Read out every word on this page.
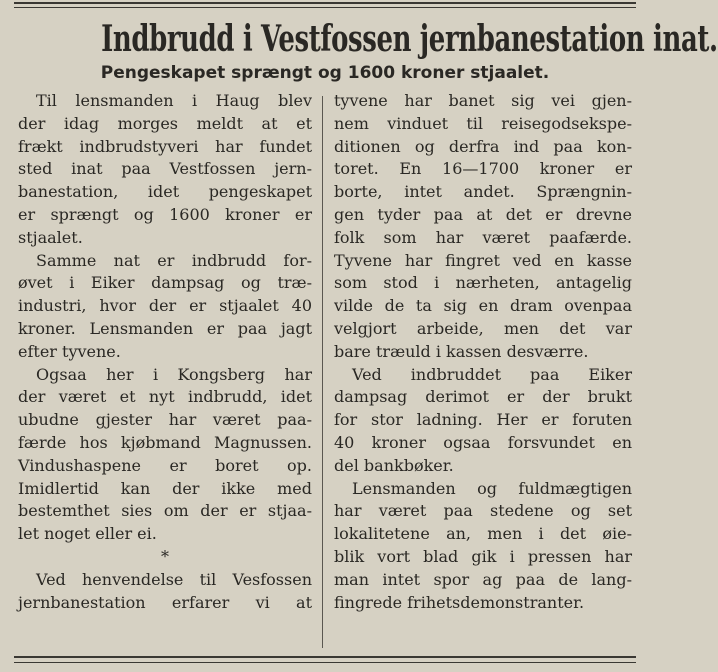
Indbrudd i Vestfossen jernbanestation inat.
Pengeskapet sprængt og 1600 kroner stjaalet.
Til lensmanden i Haug blev
der idag morges meldt at et
frækt indbrudstyveri har fundet
sted inat paa Vestfossen jern-
banestation, idet pengeskapet
er sprængt og 1600 kroner er
stjaalet.
Samme nat er indbrudd for-
øvet i Eiker dampsag og træ-
industri, hvor der er stjaalet 40
kroner. Lensmanden er paa jagt
efter tyvene.
Ogsaa her i Kongsberg har
der været et nyt indbrudd, idet
ubudne gjester har været paa-
færde hos kjøbmand Magnussen.
Vindushaspene er boret op.
Imidlertid kan der ikke med
bestemthet sies om der er stjaa-
let noget eller ei.
*
Ved henvendelse til Vesfossen
jernbanestation erfarer vi at
tyvene har banet sig vei gjen-
nem vinduet til reisegodsekspe-
ditionen og derfra ind paa kon-
toret. En 16—1700 kroner er
borte, intet andet. Sprængnin-
gen tyder paa at det er drevne
folk som har været paafærde.
Tyvene har fingret ved en kasse
som stod i nærheten, antagelig
vilde de ta sig en dram ovenpaa
velgjort arbeide, men det var
bare træuld i kassen desværre.
Ved indbruddet paa Eiker
dampsag derimot er der brukt
for stor ladning. Her er foruten
40 kroner ogsaa forsvundet en
del bankbøker.
Lensmanden og fuldmægtigen
har været paa stedene og set
lokalitetene an, men i det øie-
blik vort blad gik i pressen har
man intet spor ag paa de lang-
fingrede frihetsdemonstranter.
